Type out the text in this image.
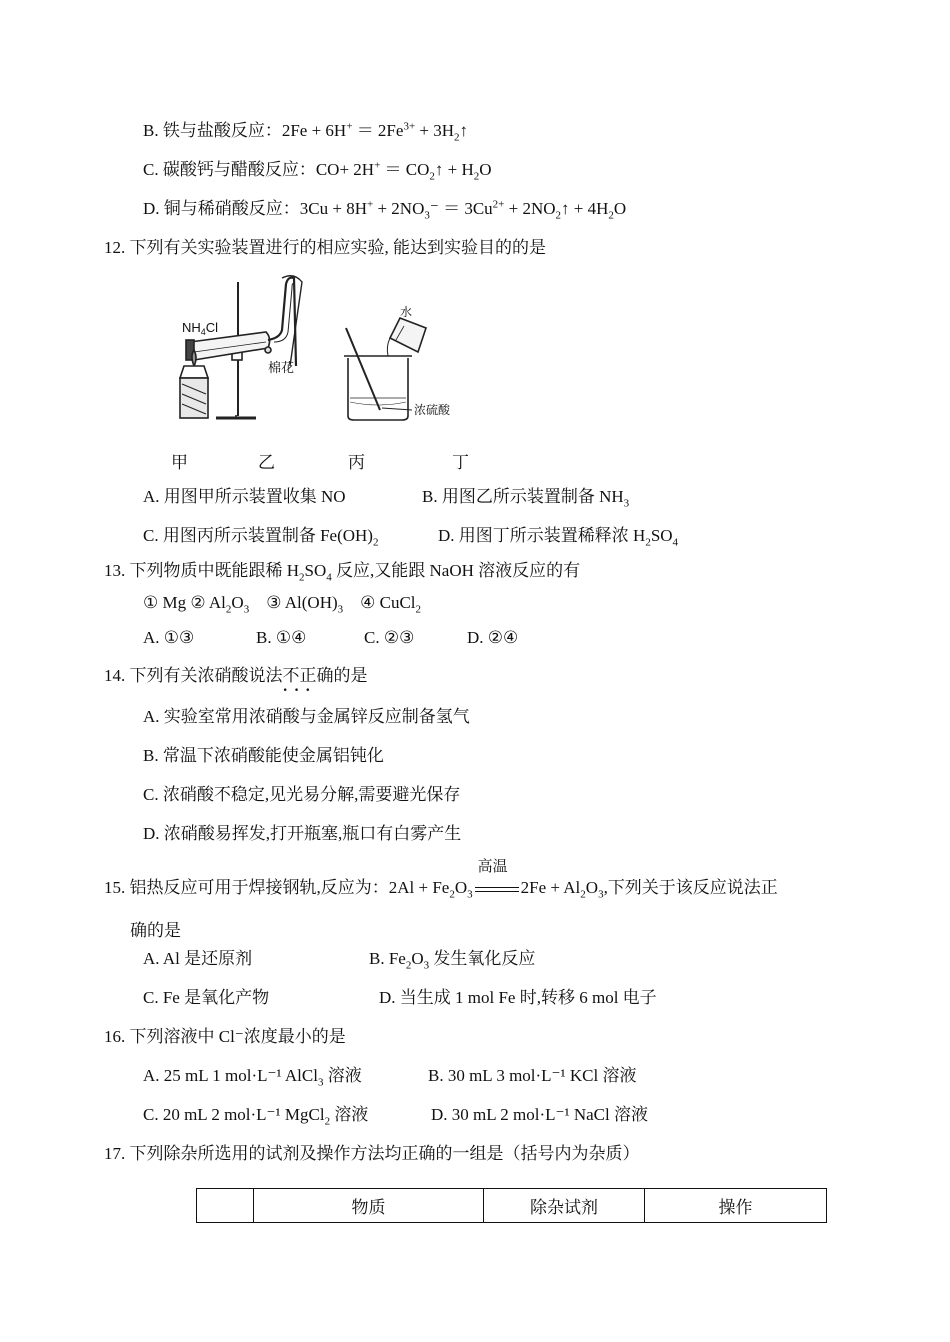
B. 铁与盐酸反应：$2Fe + 6H^+ = 2Fe^{3+}$ + $3H_2↑$
C. 碳酸钙与醋酸反应：$CO+ 2H^+ = CO_2↑ + H_2O$
D. 铜与稀硝酸反应：$3Cu + 8H^+ + 2NO_3^- = 3Cu^{2+}$ + $2NO_2↑ + 4H_2O$
12. 下列有关实验装置进行的相应实验, 能达到实验目的的是
$NH_4Cl$
棉花
水
浓硫酸
甲	乙	丙	丁
A. 用图甲所示装置收集 NO	B. 用图乙所示装置制备 $NH_3$
C. 用图丙所示装置制备 $Fe(OH)_2$	D. 用图丁所示装置稀释浓 $H_2SO_4$
13. 下列物质中既能跟稀 $H_2SO_4$ 反应,又能跟 NaOH 溶液反应的有
① Mg ② $Al_2O_3$    ③ $Al(OH)_3$    ④ CuCl$_2$
A. ①③	B. ①④	C. ②③	D. ②④
14. 下列有关浓硝酸说法不正确 · · ·的是
A. 实验室常用浓硝酸与金属锌反应制备氢气
B. 常温下浓硝酸能使金属铝钝化
C. 浓硝酸不稳定,见光易分解,需要避光保存
D. 浓硝酸易挥发,打开瓶塞,瓶口有白雾产生
15. 铝热反应可用于焊接钢轨,反应为：$2Al + Fe_2O_3$
高温
$2Fe + Al_2O_3$,下列关于该反应说法正
确的是
A. Al 是还原剂	B. $Fe_2O_3$ 发生氧化反应
C. Fe 是氧化产物	D. 当生成 1 mol Fe 时,转移 6 mol 电子
16. 下列溶液中 Cl⁻浓度最小的是
A. 25 mL 1 mol·L⁻¹ AlCl$_3$ 溶液	B. 30 mL 3 mol·L⁻¹ KCl 溶液
C. 20 mL 2 mol·L⁻¹ MgCl$_2$ 溶液	D. 30 mL 2 mol·L⁻¹ NaCl 溶液
17. 下列除杂所选用的试剂及操作方法均正确的一组是（括号内为杂质）
	物质	除杂试剂	操作
